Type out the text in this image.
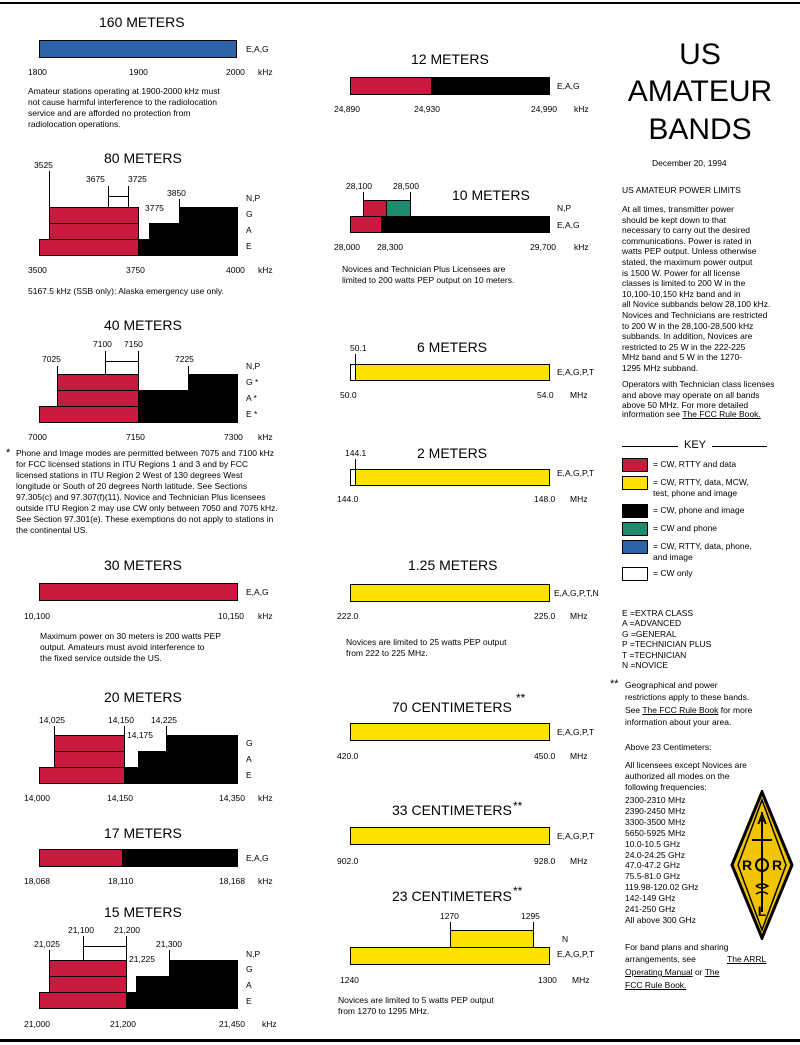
160 METERS
E,A,G
1800	1900	2000 kHz
Amateur stations operating at 1900-2000 kHz must
not cause harmful interference to the radiolocation
service and are afforded no protection from
radiolocation operations.
80 METERS
3525
3675	3725
3775
3850	N,P
G
A
E
3500	3750	4000 kHz
5167.5 kHz (SSB only): Alaska emergency use only.
40 METERS
7100 7150
7025	7225
N,P
G *
A *
E *
7000	7150	7300 kHz
* Phone and Image modes are permitted between 7075 and 7100 kHz
for FCC licensed stations in ITU Regions 1 and 3 and by FCC
licensed stations in ITU Region 2 West of 130 degrees West
longitude or South of 20 degrees North latitude. See Sections
97.305(c) and 97.307(f)(11). Novice and Technician Plus licensees
outside ITU Region 2 may use CW only between 7050 and 7075 kHz.
See Section 97.301(e). These exemptions do not apply to stations in
the continental US.
30 METERS
E,A,G
10,100	10,150 kHz
Maximum power on 30 meters is 200 watts PEP
output. Amateurs must avoid interference to
the fixed service outside the US.
20 METERS
14,025	14,150 14,225
14,175
G
A
E
14,000	14,150	14,350 kHz
17 METERS
E,A,G
18,068	18,110	18,168 kHz
15 METERS
21,100 21,200
21,025	21,300
21,225	N,P
G
A
E
21,000	21,200	21,450 kHz
12 METERS
E,A,G
24,890	24,930	24,990 kHz
28,100 28,500
10 METERS
N,P
E,A,G
28,000 28,300	29,700 kHz
Novices and Technician Plus Licensees are
limited to 200 watts PEP output on 10 meters.
6 METERS
50.1
E,A,G,P,T
50.0	54.0 MHz
2 METERS
144.1
E,A,G,P,T
144.0	148.0 MHz
1.25 METERS
E,A,G,P,T,N
222.0	225.0 MHz
Novices are limited to 25 watts PEP output
from 222 to 225 MHz.
70 CENTIMETERS
**
E,A,G,P,T
420.0	450.0 MHz
33 CENTIMETERS **
E,A,G,P,T
902.0	928.0 MHz
23 CENTIMETERS **
1270	1295
N
E,A,G,P,T
1240	1300 MHz
Novices are limited to 5 watts PEP output
from 1270 to 1295 MHz.
US
AMATEUR
BANDS
December 20, 1994
US AMATEUR POWER LIMITS
At all times, transmitter power
should be kept down to that
necessary to carry out the desired
communications. Power is rated in
watts PEP output. Unless otherwise
stated, the maximum power output
is 1500 W. Power for all license
classes is limited to 200 W in the
10,100-10,150 kHz band and in
all Novice subbands below 28,100 kHz.
Novices and Technicians are restricted
to 200 W in the 28,100-28,500 kHz
subbands. In addition, Novices are
restricted to 25 W in the 222-225
MHz band and 5 W in the 1270-
1295 MHz subband.
Operators with Technician class licenses
and above may operate on all bands
above 50 MHz. For more detailed
information see The FCC Rule Book.
KEY
= CW, RTTY and data
= CW, RTTY, data, MCW,
test, phone and image
= CW, phone and image
= CW and phone
= CW, RTTY, data, phone,
and image
= CW only
E =EXTRA CLASS
A =ADVANCED
G =GENERAL
P =TECHNICIAN PLUS
T =TECHNICIAN
N =NOVICE
** Geographical and power
restrictions apply to these bands.
See The FCC Rule Book for more
information about your area.
Above 23 Centimeters:
All licensees except Novices are
authorized all modes on the
following frequencies:
2300-2310 MHz
2390-2450 MHz
3300-3500 MHz
5650-5925 MHz
10.0-10.5 GHz
24.0-24.25 GHz
47.0-47.2 GHz
75.5-81.0 GHz
119.98-120.02 GHz
142-149 GHz
241-250 GHz
All above 300 GHz
For band plans and sharing
arrangements, see	The ARRL
Operating Manual or The
FCC Rule Book.
A
R R
L
